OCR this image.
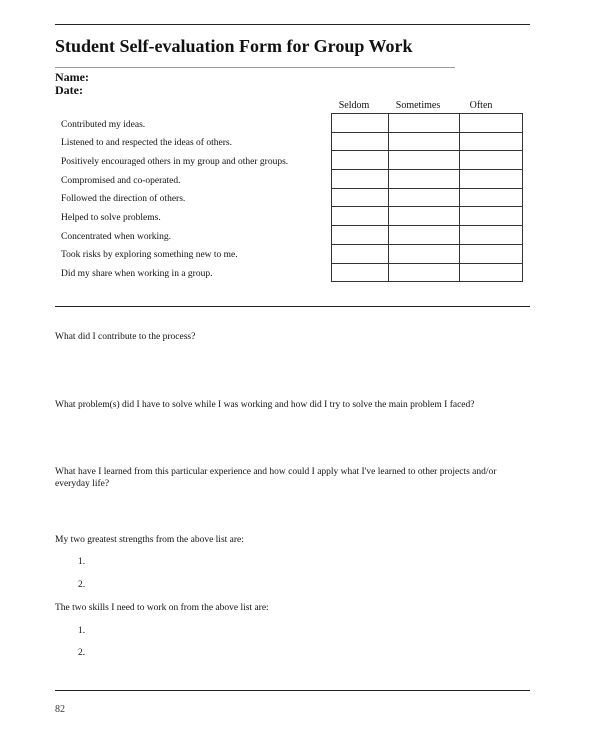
Student Self-evaluation Form for Group Work
Name:
Date:
Seldom	Sometimes	Often
Contributed my ideas.
Listened to and respected the ideas of others.
Positively encouraged others in my group and other groups.
Compromised and co-operated.
Followed the direction of others.
Helped to solve problems.
Concentrated when working.
Took risks by exploring something new to me.
Did my share when working in a group.

What did I contribute to the process?
What problem(s) did I have to solve while I was working and how did I try to solve the main problem I faced?
What have I learned from this particular experience and how could I apply what I've learned to other projects and/or everyday life?
My two greatest strengths from the above list are:
1.
2.
The two skills I need to work on from the above list are:
1.
2.
82
